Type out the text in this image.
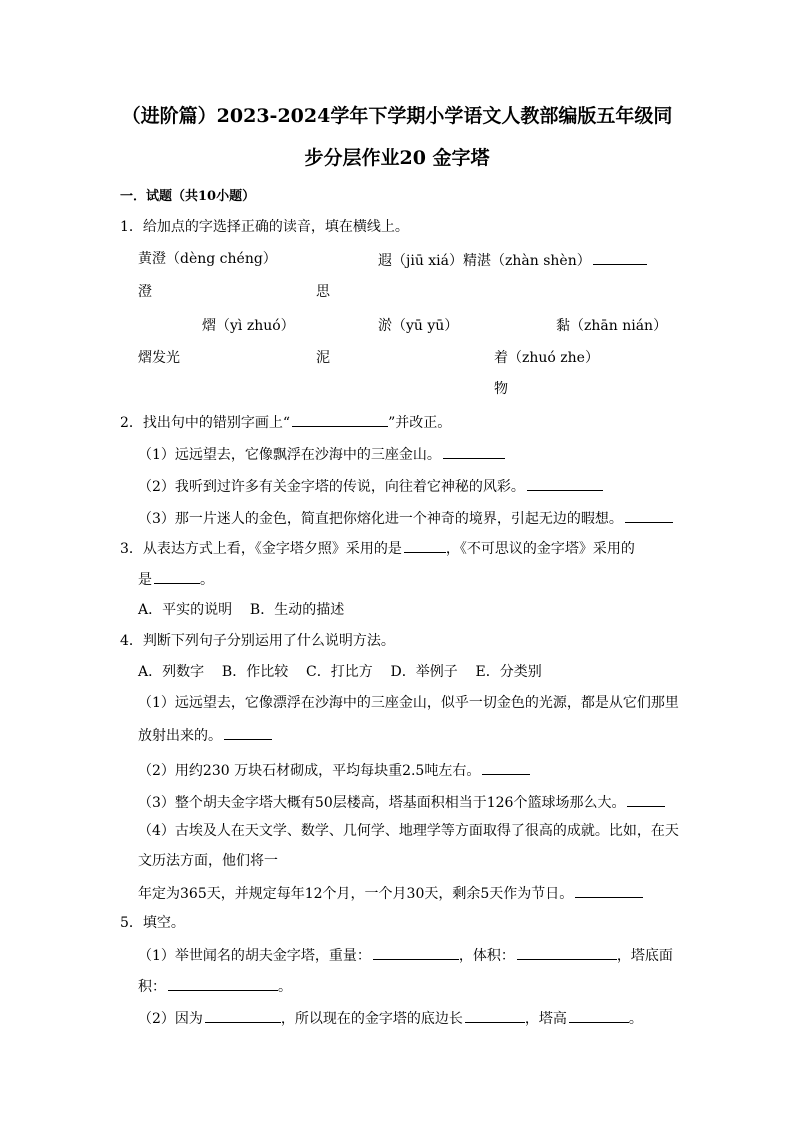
（进阶篇）2023-2024学年下学期小学语文人教部编版五年级同
步分层作业20 金字塔
一．试题（共10小题）
1．给加点的字选择正确的读音，填在横线上。
黄澄（dèng chéng）	遐（jiū xiá）精湛（zhàn shèn）
澄	思
熠（yì zhuó）	淤（yū yū）	黏（zhān nián）
熠发光	泥	着（zhuó zhe）
物
2．找出句中的错别字画上“	”并改正。
（1）远远望去，它像飘浮在沙海中的三座金山。
（2）我听到过许多有关金字塔的传说，向往着它神秘的风彩。
（3）那一片迷人的金色，简直把你熔化进一个神奇的境界，引起无边的暇想。
3．从表达方式上看，《金字塔夕照》采用的是	，《不可思议的金字塔》采用的
是	。
A．平实的说明    B．生动的描述
4．判断下列句子分别运用了什么说明方法。
A．列数字    B．作比较    C．打比方    D．举例子    E．分类别
（1）远远望去，它像漂浮在沙海中的三座金山，似乎一切金色的光源，都是从它们那里
放射出来的。
（2）用约230 万块石材砌成，平均每块重2.5吨左右。
（3）整个胡夫金字塔大概有50层楼高，塔基面积相当于126个篮球场那么大。
（4）古埃及人在天文学、数学、几何学、地理学等方面取得了很高的成就。比如，在天
文历法方面，他们将一
年定为365天，并规定每年12个月，一个月30天，剩余5天作为节日。
5．填空。
（1）举世闻名的胡夫金字塔，重量：	，体积：	，塔底面
积：	。
（2）因为	，所以现在的金字塔的底边长	，塔高	。
